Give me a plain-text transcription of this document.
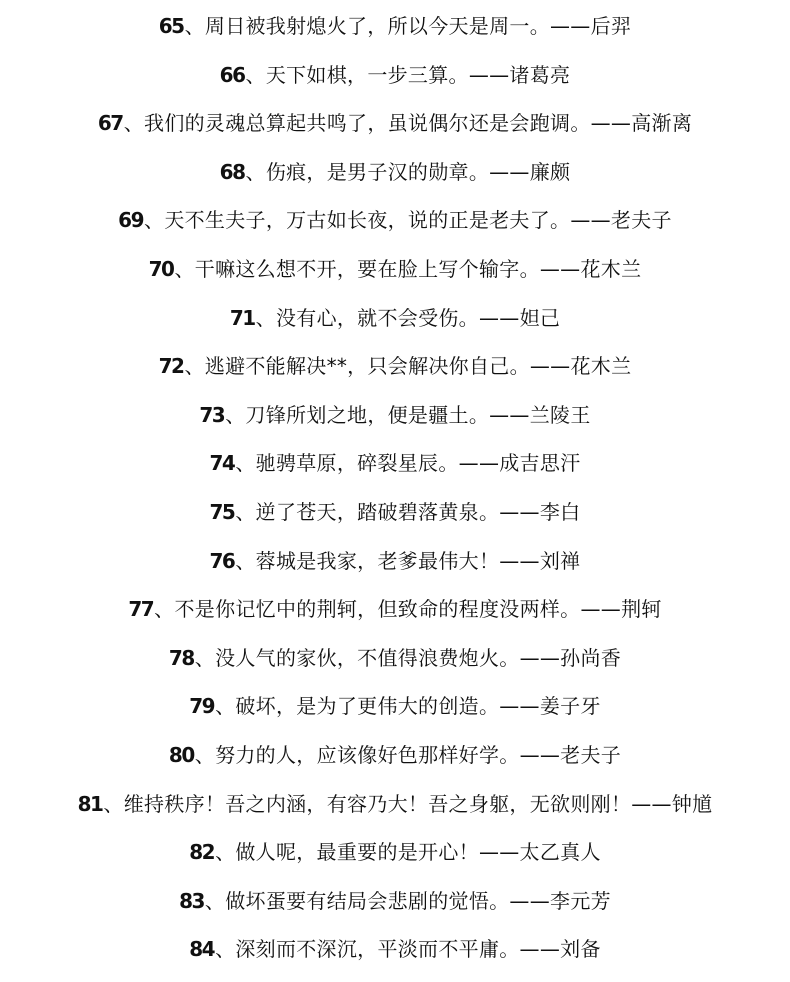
65、周日被我射熄火了，所以今天是周一。——后羿
66、天下如棋，一步三算。——诸葛亮
67、我们的灵魂总算起共鸣了，虽说偶尔还是会跑调。——高渐离
68、伤痕，是男子汉的勋章。——廉颇
69、天不生夫子，万古如长夜，说的正是老夫了。——老夫子
70、干嘛这么想不开，要在脸上写个输字。——花木兰
71、没有心，就不会受伤。——妲己
72、逃避不能解决**，只会解决你自己。——花木兰
73、刀锋所划之地，便是疆土。——兰陵王
74、驰骋草原，碎裂星辰。——成吉思汗
75、逆了苍天，踏破碧落黄泉。——李白
76、蓉城是我家，老爹最伟大！——刘禅
77、不是你记忆中的荆轲，但致命的程度没两样。——荆轲
78、没人气的家伙，不值得浪费炮火。——孙尚香
79、破坏，是为了更伟大的创造。——姜子牙
80、努力的人，应该像好色那样好学。——老夫子
81、维持秩序！吾之内涵，有容乃大！吾之身躯，无欲则刚！——钟馗
82、做人呢，最重要的是开心！——太乙真人
83、做坏蛋要有结局会悲剧的觉悟。——李元芳
84、深刻而不深沉，平淡而不平庸。——刘备
